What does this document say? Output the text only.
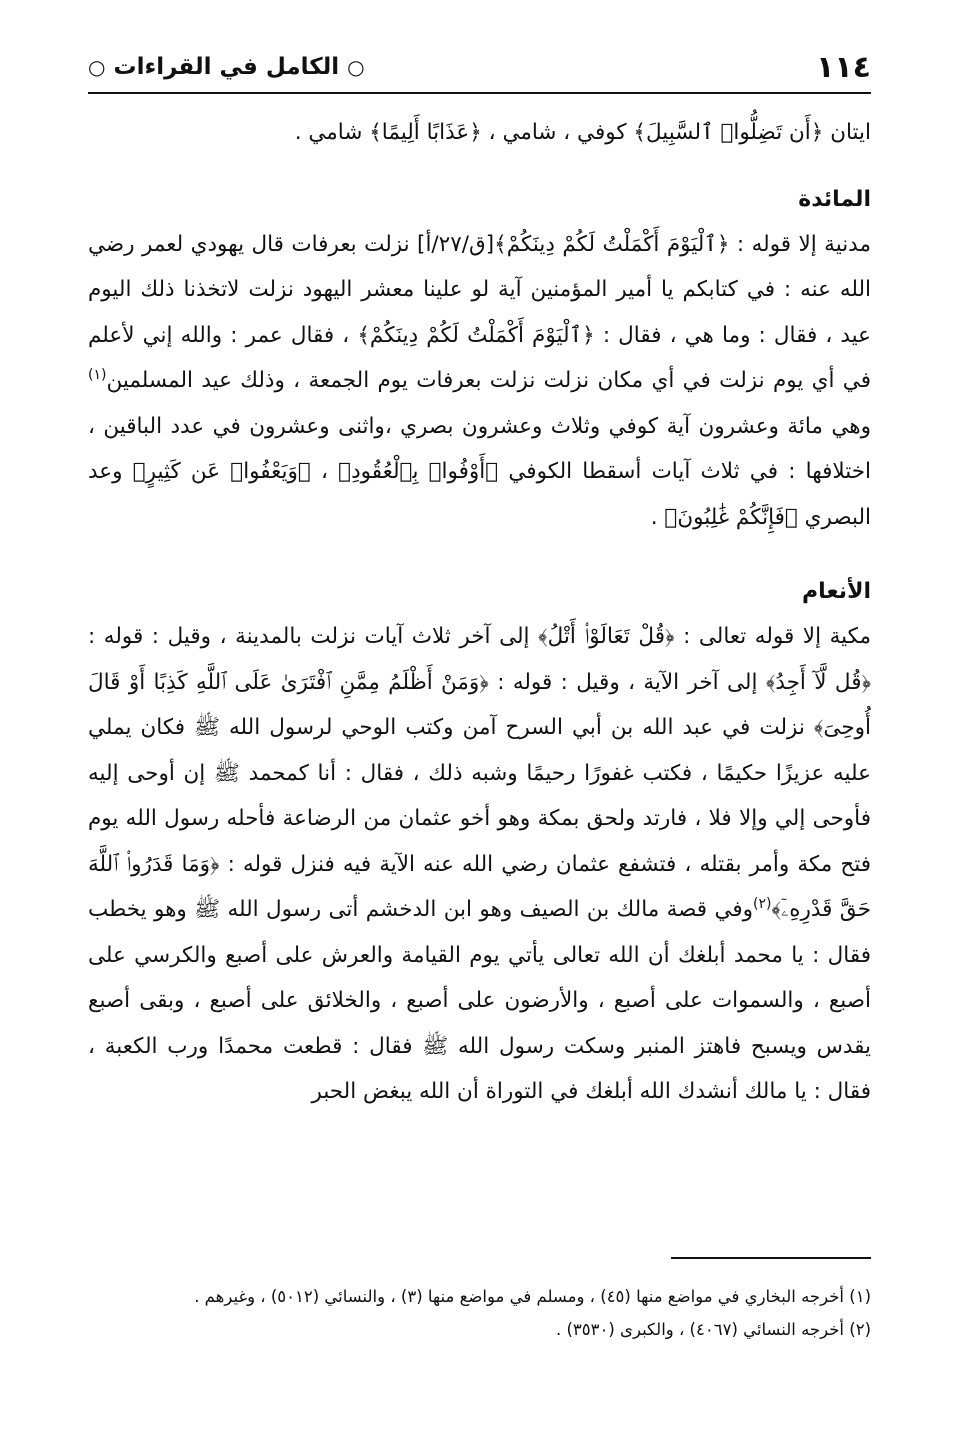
١١٤
○ الكامل في القراءات ○

ايتان ﴿أَن تَضِلُّوا۟ ٱلسَّبِيلَ﴾ كوفي ، شامي ، ﴿عَذَابًا أَلِيمًا﴾ شامي .

المائدة

مدنية إلا قوله : ﴿ٱلْيَوْمَ أَكْمَلْتُ لَكُمْ دِينَكُمْ﴾[ق/٢٧/أ] نزلت بعرفات قال يهودي لعمر رضي الله عنه : في كتابكم يا أمير المؤمنين آية لو علينا معشر اليهود نزلت لاتخذنا ذلك اليوم عيد ، فقال : وما هي ، فقال : ﴿ٱلْيَوْمَ أَكْمَلْتُ لَكُمْ دِينَكُمْ﴾ ، فقال عمر : والله إني لأعلم في أي يوم نزلت في أي مكان نزلت نزلت بعرفات يوم الجمعة ، وذلك عيد المسلمين$^{(١)}$ وهي مائة وعشرون آية كوفي وثلاث وعشرون بصري ،واثنى وعشرون في عدد الباقين ، اختلافها : في ثلاث آيات أسقطا الكوفي ﴿أَوْفُوا۟ بِٱلْعُقُودِ﴾ ، ﴿وَيَعْفُوا۟ عَن كَثِيرٍ﴾ وعد البصري ﴿فَإِنَّكُمْ غَٰلِبُونَ﴾ .

الأنعام

مكية إلا قوله تعالى : ﴿قُلْ تَعَالَوْا۟ أَتْلُ﴾ إلى آخر ثلاث آيات نزلت بالمدينة ، وقيل : قوله : ﴿قُل لَّآ أَجِدُ﴾ إلى آخر الآية ، وقيل : قوله : ﴿وَمَنْ أَظْلَمُ مِمَّنِ ٱفْتَرَىٰ عَلَى ٱللَّهِ كَذِبًا أَوْ قَالَ أُوحِىَ﴾ نزلت في عبد الله بن أبي السرح آمن وكتب الوحي لرسول الله ﷺ فكان يملي عليه عزيزًا حكيمًا ، فكتب غفورًا رحيمًا وشبه ذلك ، فقال : أنا كمحمد ﷺ إن أوحى إليه فأوحى إلي وإلا فلا ، فارتد ولحق بمكة وهو أخو عثمان من الرضاعة فأحله رسول الله يوم فتح مكة وأمر بقتله ، فتشفع عثمان رضي الله عنه الآية فيه فنزل قوله : ﴿وَمَا قَدَرُوا۟ ٱللَّهَ حَقَّ قَدْرِهِۦٓ﴾$^{(٢)}$وفي قصة مالك بن الصيف وهو ابن الدخشم أتى رسول الله ﷺ وهو يخطب فقال : يا محمد أبلغك أن الله تعالى يأتي يوم القيامة والعرش على أصبع والكرسي على أصبع ، والسموات على أصبع ، والأرضون على أصبع ، والخلائق على أصبع ، وبقى أصبع يقدس ويسبح فاهتز المنبر وسكت رسول الله ﷺ فقال : قطعت محمدًا ورب الكعبة ، فقال : يا مالك أنشدك الله أبلغك في التوراة أن الله يبغض الحبر

(١) أخرجه البخاري في مواضع منها (٤٥) ، ومسلم في مواضع منها (٣) ، والنسائي (٥٠١٢) ، وغيرهم .

(٢) أخرجه النسائي (٤٠٦٧) ، والكبرى (٣٥٣٠) .
